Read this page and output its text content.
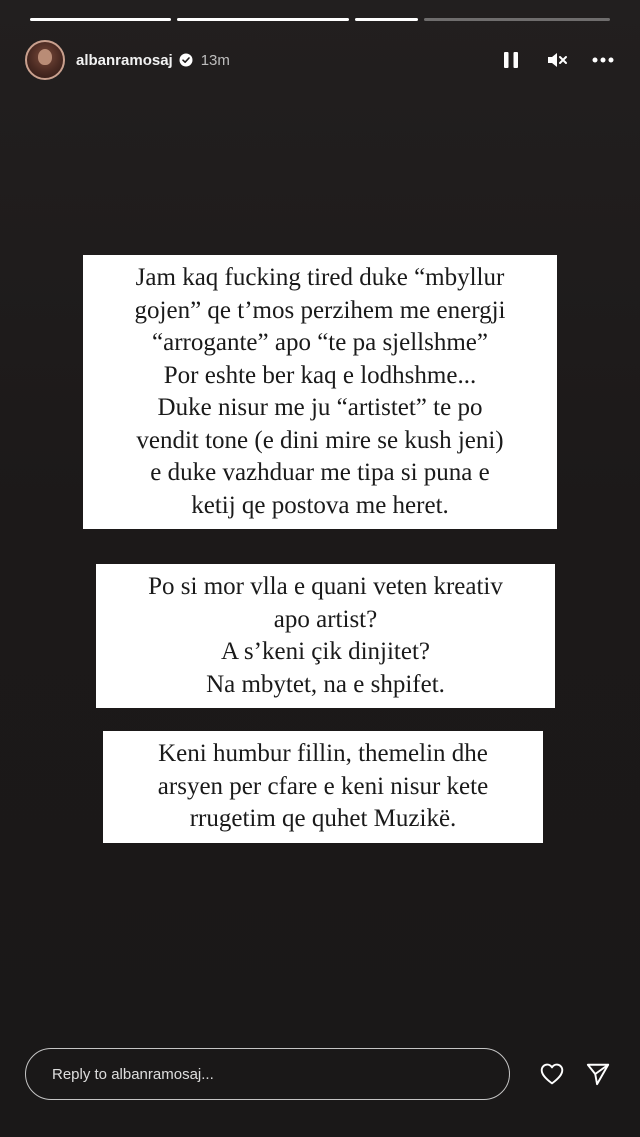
albanramosaj 13m
Jam kaq fucking tired duke “mbyllur
gojen” qe t’mos perzihem me energji
“arrogante” apo “te pa sjellshme”
Por eshte ber kaq e lodhshme...
Duke nisur me ju “artistet” te po
vendit tone (e dini mire se kush jeni)
e duke vazhduar me tipa si puna e
ketij qe postova me heret.
Po si mor vlla e quani veten kreativ
apo artist?
A s’keni çik dinjitet?
Na mbytet, na e shpifet.
Keni humbur fillin, themelin dhe
arsyen per cfare e keni nisur kete
rrugetim qe quhet Muzikë.
Reply to albanramosaj...
